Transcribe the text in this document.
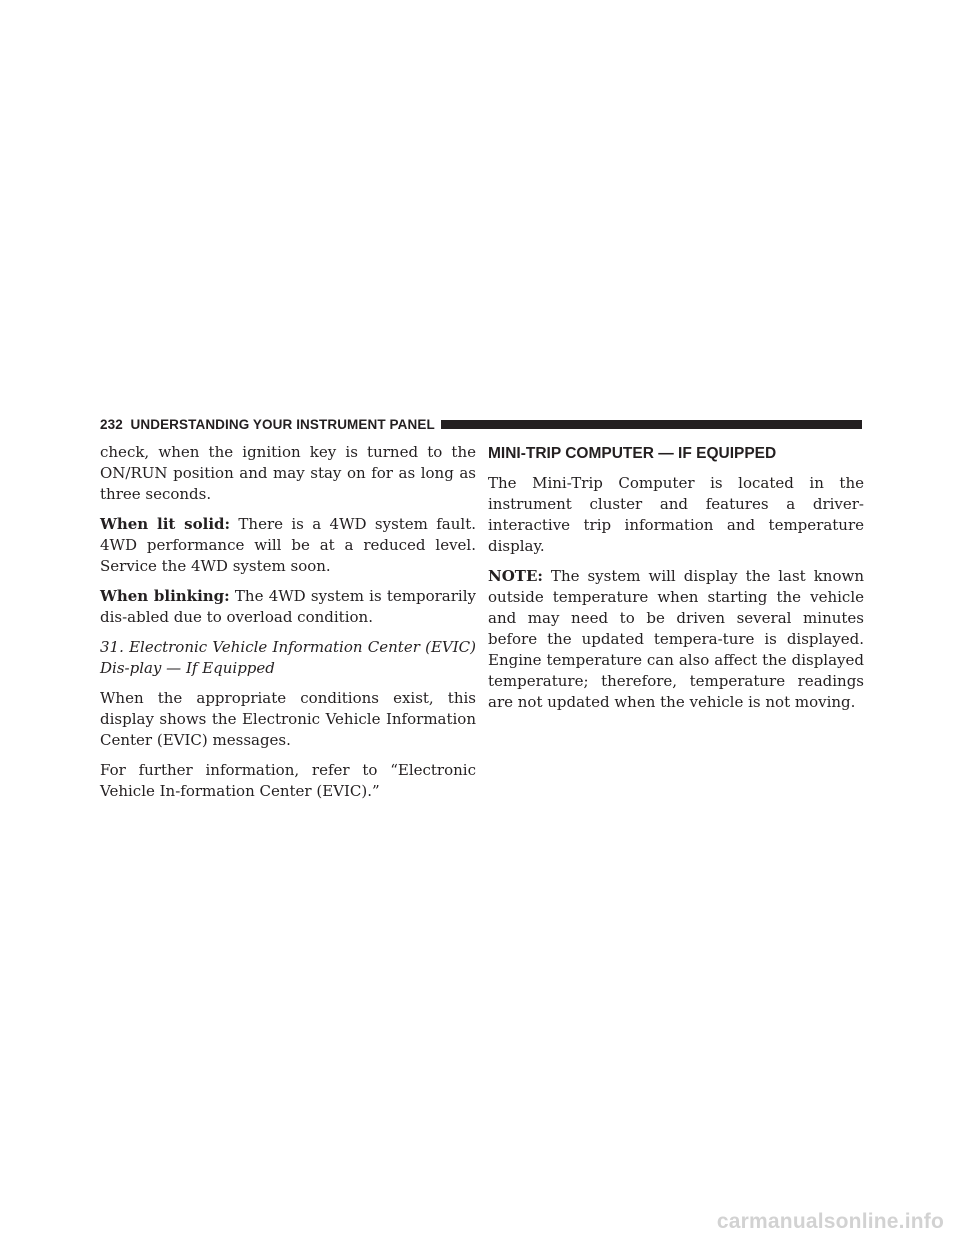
232 UNDERSTANDING YOUR INSTRUMENT PANEL

check, when the ignition key is turned to the ON/RUN position and may stay on for as long as three seconds.

When lit solid: There is a 4WD system fault. 4WD performance will be at a reduced level. Service the 4WD system soon.

When blinking: The 4WD system is temporarily dis-abled due to overload condition.

31. Electronic Vehicle Information Center (EVIC) Dis-play — If Equipped

When the appropriate conditions exist, this display shows the Electronic Vehicle Information Center (EVIC) messages.

For further information, refer to “Electronic Vehicle In-formation Center (EVIC).”

MINI-TRIP COMPUTER — IF EQUIPPED

The Mini-Trip Computer is located in the instrument cluster and features a driver-interactive trip information and temperature display.

NOTE: The system will display the last known outside temperature when starting the vehicle and may need to be driven several minutes before the updated tempera-ture is displayed. Engine temperature can also affect the displayed temperature; therefore, temperature readings are not updated when the vehicle is not moving.

carmanualsonline.info
